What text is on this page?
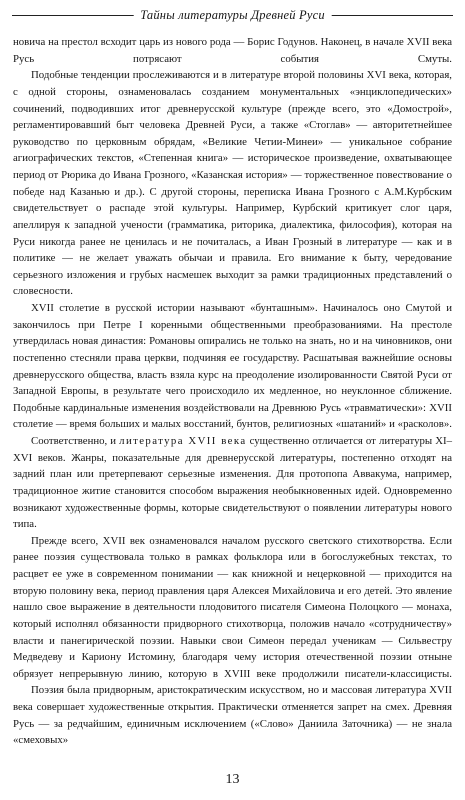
Тайны литературы Древней Руси

новича на престол всходит царь из нового рода — Борис Годунов. Наконец, в начале XVII века Русь потрясают события Смуты.

Подобные тенденции прослеживаются и в литературе второй половины XVI века, которая, с одной стороны, ознаменовалась созданием монументальных «энциклопедических» сочинений, подводивших итог древнерусской культуре (прежде всего, это «Домострой», регламентировавший быт человека Древней Руси, а также «Стоглав» — авторитетнейшее руководство по церковным обрядам, «Великие Четии-Минеи» — уникальное собрание агиографических текстов, «Степенная книга» — историческое произведение, охватывающее период от Рюрика до Ивана Грозного, «Казанская история» — торжественное повествование о победе над Казанью и др.). С другой стороны, переписка Ивана Грозного с А.М.Курбским свидетельствует о распаде этой культуры. Например, Курбский критикует слог царя, апеллируя к западной учености (грамматика, риторика, диалектика, философия), которая на Руси никогда ранее не ценилась и не почиталась, а Иван Грозный в литературе — как и в политике — не желает уважать обычаи и правила. Его внимание к быту, чередование серьезного изложения и грубых насмешек выходит за рамки традиционных представлений о словесности.

XVII столетие в русской истории называют «бунташным». Начиналось оно Смутой и закончилось при Петре I коренными общественными преобразованиями. На престоле утвердилась новая династия: Романовы опирались не только на знать, но и на чиновников, они постепенно стесняли права церкви, подчиняя ее государству. Расшатывая важнейшие основы древнерусского общества, власть взяла курс на преодоление изолированности Святой Руси от Западной Европы, в результате чего происходило их медленное, но неуклонное сближение. Подобные кардинальные изменения воздействовали на Древнюю Русь «травматически»: XVII столетие — время больших и малых восстаний, бунтов, религиозных «шатаний» и «расколов».

Соответственно, и литература XVII века существенно отличается от литературы XI–XVI веков. Жанры, показательные для древнерусской литературы, постепенно отходят на задний план или претерпевают серьезные изменения. Для протопопа Аввакума, например, традиционное житие становится способом выражения необыкновенных идей. Одновременно возникают художественные формы, которые свидетельствуют о появлении литературы нового типа.

Прежде всего, XVII век ознаменовался началом русского светского стихотворства. Если ранее поэзия существовала только в рамках фольклора или в богослужебных текстах, то расцвет ее уже в современном понимании — как книжной и нецерковной — приходится на вторую половину века, период правления царя Алексея Михайловича и его детей. Это явление нашло свое выражение в деятельности плодовитого писателя Симеона Полоцкого — монаха, который исполнял обязанности придворного стихотворца, положив начало «сотрудничеству» власти и панегирической поэзии. Навыки свои Симеон передал ученикам — Сильвестру Медведеву и Кариону Истомину, благодаря чему история отечественной поэзии отныне обрязует непрерывную линию, которую в XVIII веке продолжили писатели-классицисты.

Поэзия была придворным, аристократическим искусством, но и массовая литература XVII века совершает художественные открытия. Практически отменяется запрет на смех. Древняя Русь — за редчайшим, единичным исключением («Слово» Даниила Заточника) — не знала «смеховых»

13
